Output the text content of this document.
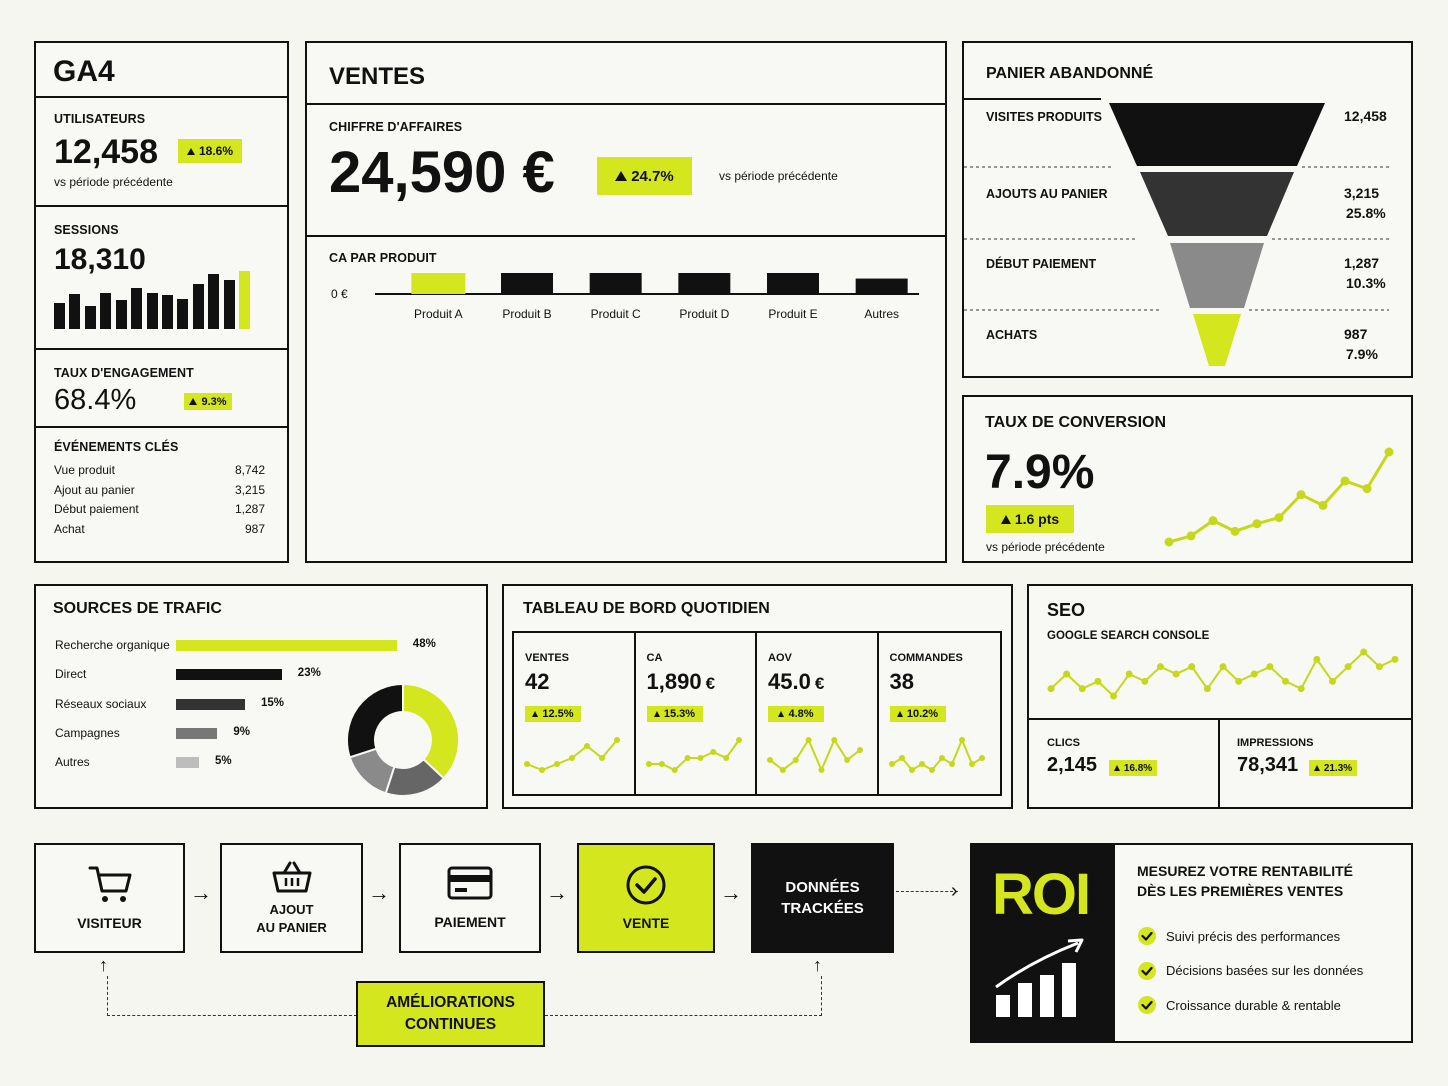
GA4
UTILISATEURS
12,458	18.6%
vs période précédente
SESSIONS
18,310
TAUX D'ENGAGEMENT
68.4%	9.3%
ÉVÉNEMENTS CLÉS
Vue produit	8,742
Ajout au panier	3,215
Début paiement	1,287
Achat	987
VENTES
CHIFFRE D'AFFAIRES
24,590 €	24.7%	vs période précédente
CA PAR PRODUIT
0 €
Produit A	Produit B	Produit C	Produit D	Produit E	Autres
PANIER ABANDONNÉ
VISITES PRODUITS	12,458
AJOUTS AU PANIER	3,215
25.8%
DÉBUT PAIEMENT	1,287
10.3%
ACHATS	987
7.9%
TAUX DE CONVERSION
7.9%
1.6 pts
vs période précédente
SOURCES DE TRAFIC
Recherche organique	48%
Direct	23%
Réseaux sociaux	15%
Campagnes	9%
Autres	5%
TABLEAU DE BORD QUOTIDIEN
VENTES
42
12.5%
CA
1,890 €
15.3%
AOV
45.0 €
4.8%
COMMANDES
38
10.2%
SEO
GOOGLE SEARCH CONSOLE
CLICS
2,145	16.8%
IMPRESSIONS
78,341	21.3%
VISITEUR
→
AJOUT
AU PANIER
→
PAIEMENT
→
VENTE
→	DONNÉES
TRACKÉES
›
↑	↑
AMÉLIORATIONS
CONTINUES
ROI	MESUREZ VOTRE RENTABILITÉ
DÈS LES PREMIÈRES VENTES
Suivi précis des performances
Décisions basées sur les données
Croissance durable & rentable
